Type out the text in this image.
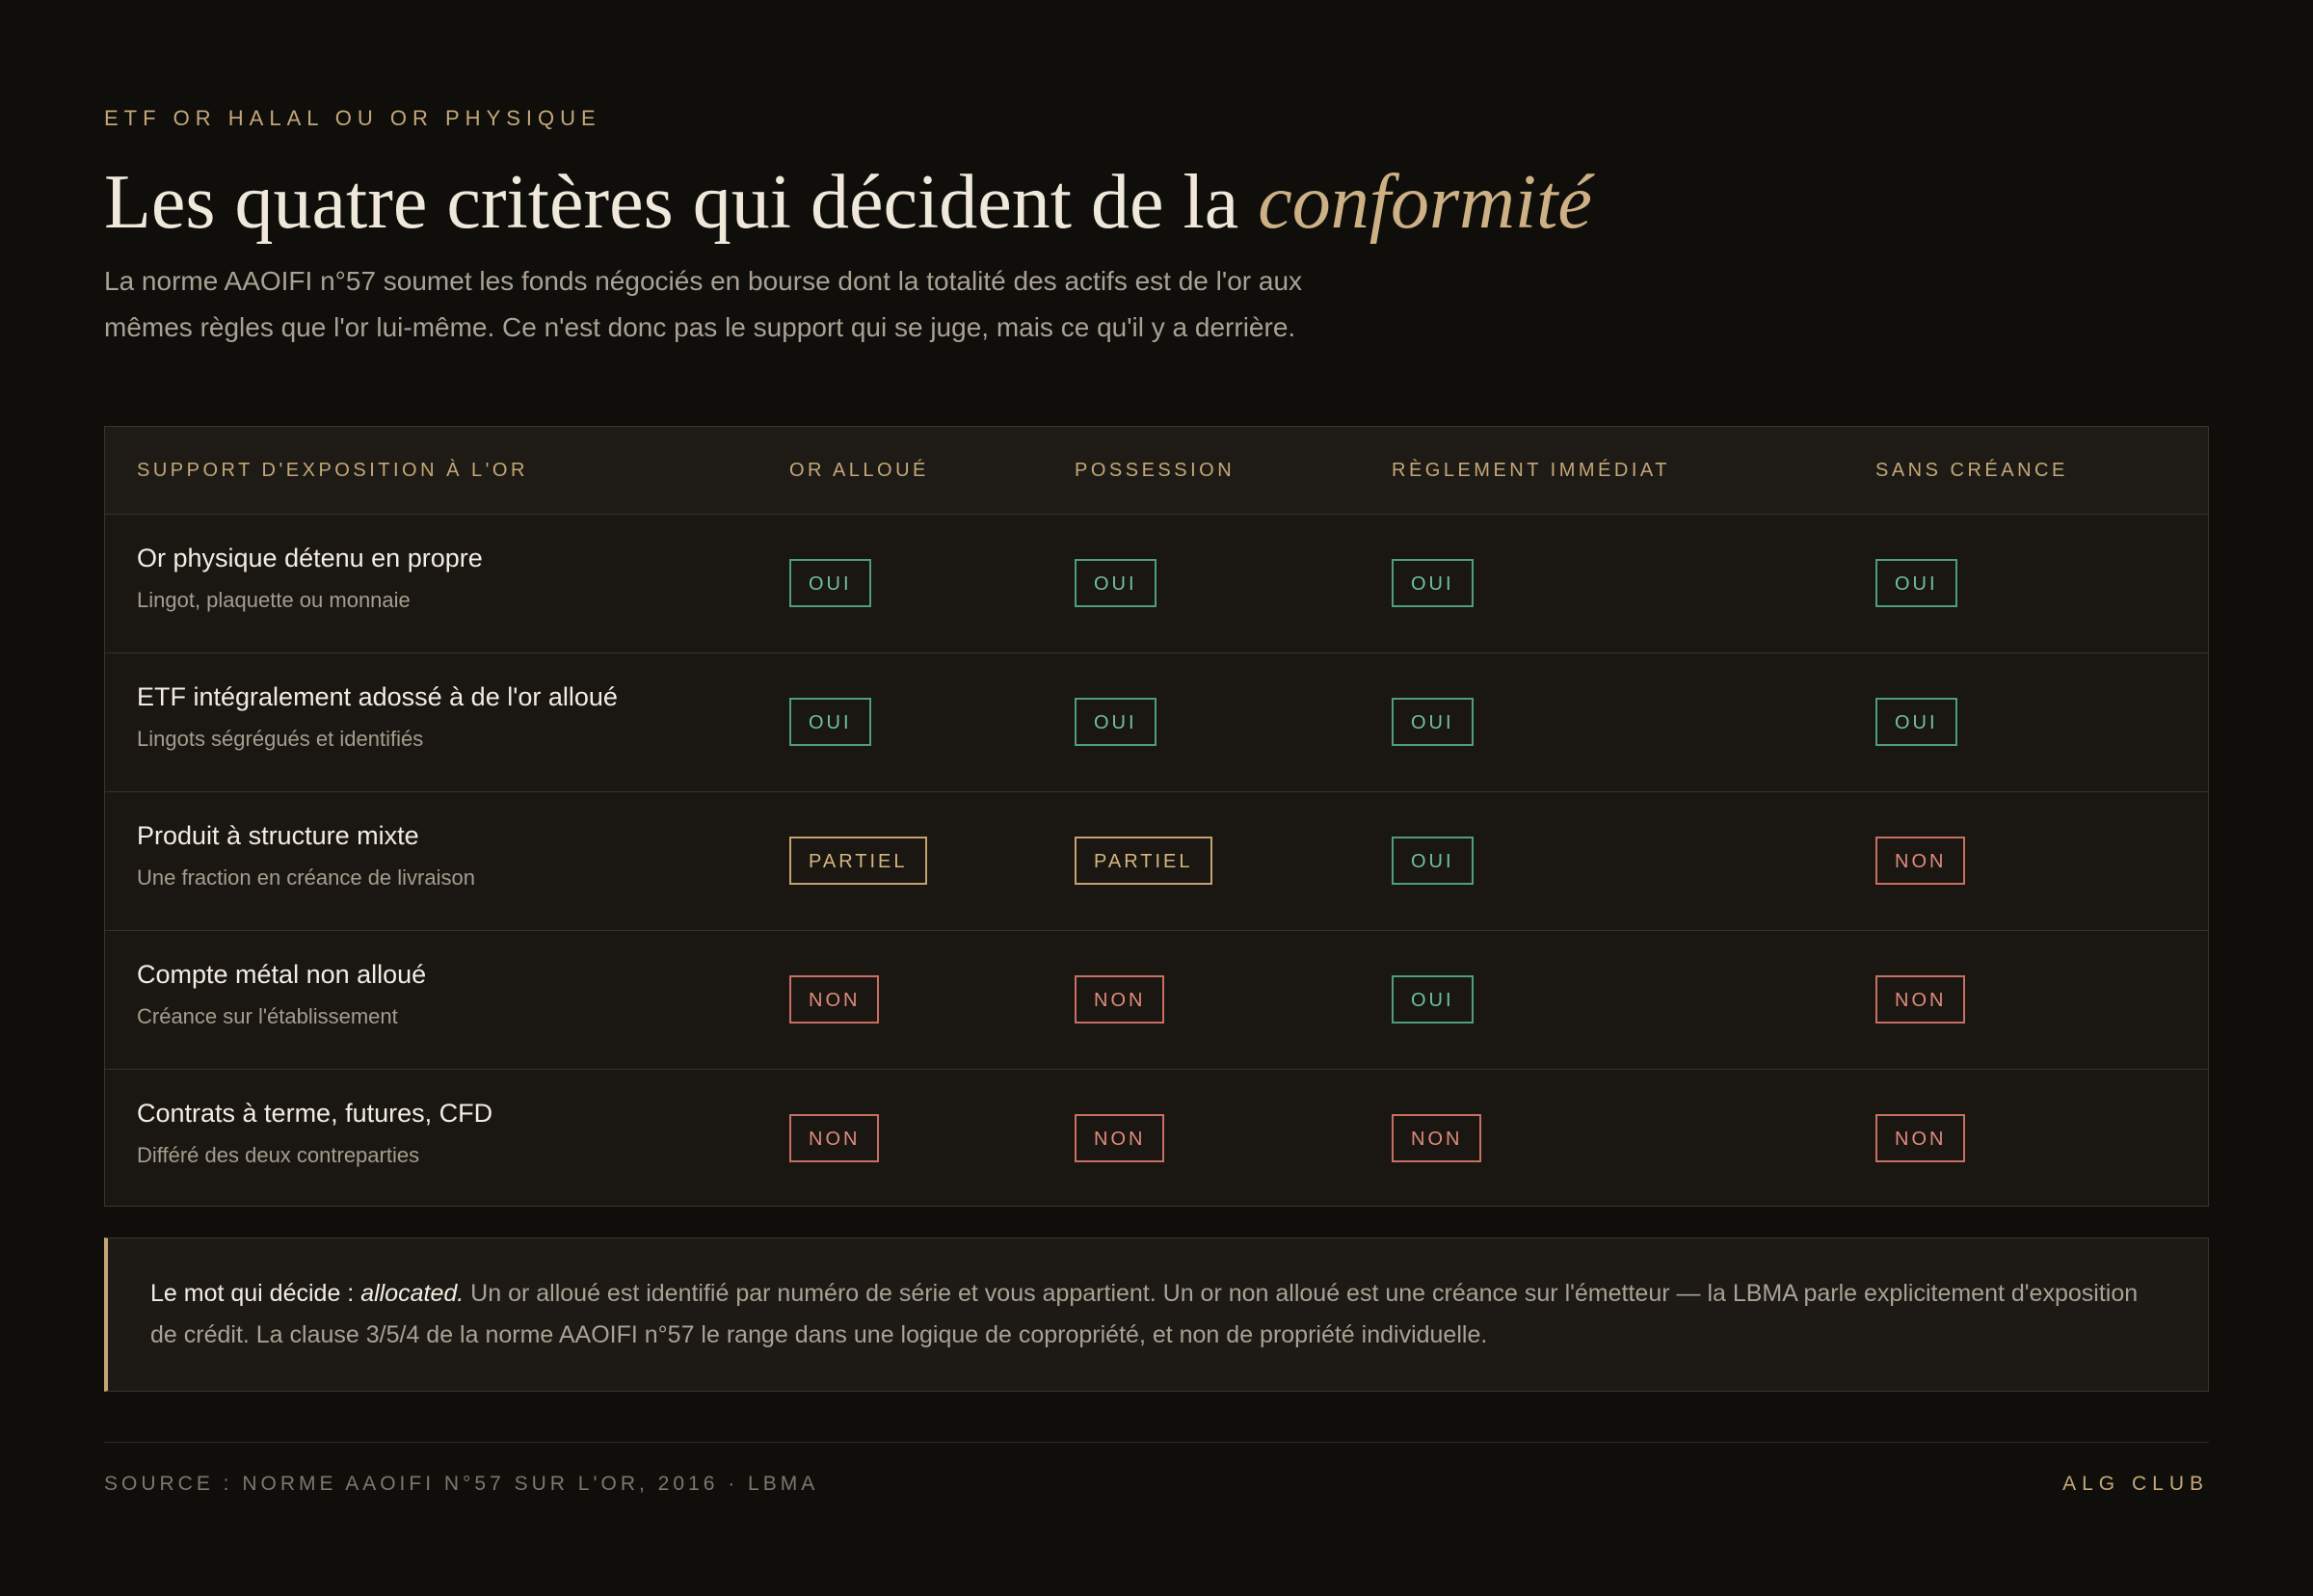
ETF OR HALAL OU OR PHYSIQUE
Les quatre critères qui décident de la conformité

La norme AAOIFI n°57 soumet les fonds négociés en bourse dont la totalité des actifs est de l'or aux mêmes règles que l'or lui-même. Ce n'est donc pas le support qui se juge, mais ce qu'il y a derrière.

SUPPORT D'EXPOSITION À L'OR	OR ALLOUÉ	POSSESSION	RÈGLEMENT IMMÉDIAT	SANS CRÉANCE
Or physique détenu en propre
Lingot, plaquette ou monnaie
OUI	OUI	OUI	OUI
ETF intégralement adossé à de l'or alloué
Lingots ségrégués et identifiés
OUI	OUI	OUI	OUI
Produit à structure mixte
Une fraction en créance de livraison
PARTIEL	PARTIEL	OUI	NON
Compte métal non alloué
Créance sur l'établissement
NON	NON	OUI	NON
Contrats à terme, futures, CFD
Différé des deux contreparties
NON	NON	NON	NON
Le mot qui décide : allocated. Un or alloué est identifié par numéro de série et vous appartient. Un or non alloué est une créance sur l'émetteur — la LBMA parle explicitement d'exposition de crédit. La clause 3/5/4 de la norme AAOIFI n°57 le range dans une logique de copropriété, et non de propriété individuelle.
SOURCE : NORME AAOIFI N°57 SUR L'OR, 2016 · LBMA	ALG CLUB
